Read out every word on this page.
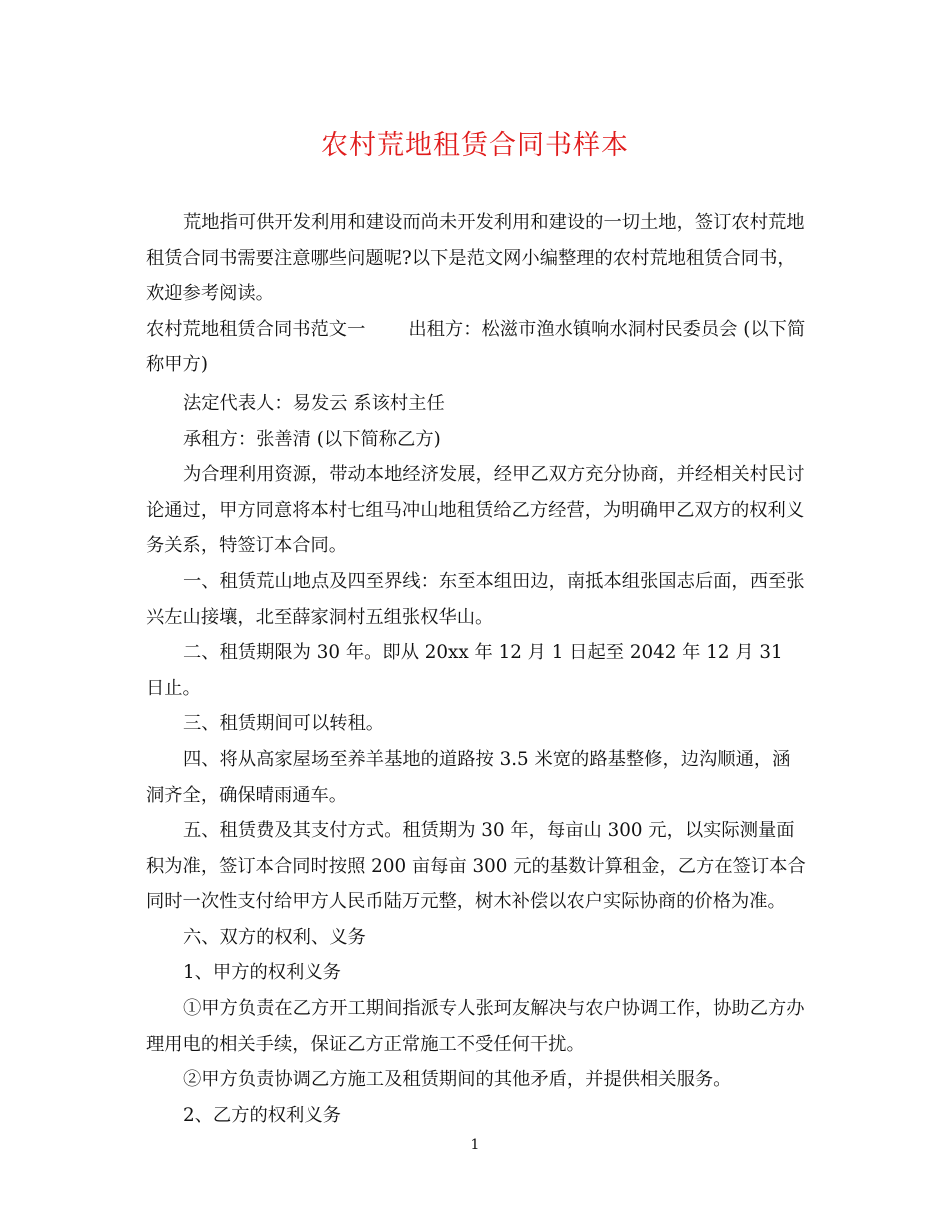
农村荒地租赁合同书样本

荒地指可供开发利用和建设而尚未开发利用和建设的一切土地，签订农村荒地租赁合同书需要注意哪些问题呢?以下是范文网小编整理的农村荒地租赁合同书，欢迎参考阅读。

农村荒地租赁合同书范文一 出租方：松滋市渔水镇响水洞村民委员会 (以下简称甲方)

法定代表人：易发云 系该村主任

承租方：张善清 (以下简称乙方)

为合理利用资源，带动本地经济发展，经甲乙双方充分协商，并经相关村民讨论通过，甲方同意将本村七组马冲山地租赁给乙方经营，为明确甲乙双方的权利义务关系，特签订本合同。

一、租赁荒山地点及四至界线：东至本组田边，南抵本组张国志后面，西至张兴左山接壤，北至薛家洞村五组张权华山。

二、租赁期限为 30 年。即从 20xx 年 12 月 1 日起至 2042 年 12 月 31 日止。

三、租赁期间可以转租。

四、将从高家屋场至养羊基地的道路按 3.5 米宽的路基整修，边沟顺通，涵洞齐全，确保晴雨通车。

五、租赁费及其支付方式。租赁期为 30 年，每亩山 300 元，以实际测量面积为准，签订本合同时按照 200 亩每亩 300 元的基数计算租金，乙方在签订本合同时一次性支付给甲方人民币陆万元整，树木补偿以农户实际协商的价格为准。

六、双方的权利、义务

1、甲方的权利义务

①甲方负责在乙方开工期间指派专人张珂友解决与农户协调工作，协助乙方办理用电的相关手续，保证乙方正常施工不受任何干扰。

②甲方负责协调乙方施工及租赁期间的其他矛盾，并提供相关服务。

2、乙方的权利义务

1
